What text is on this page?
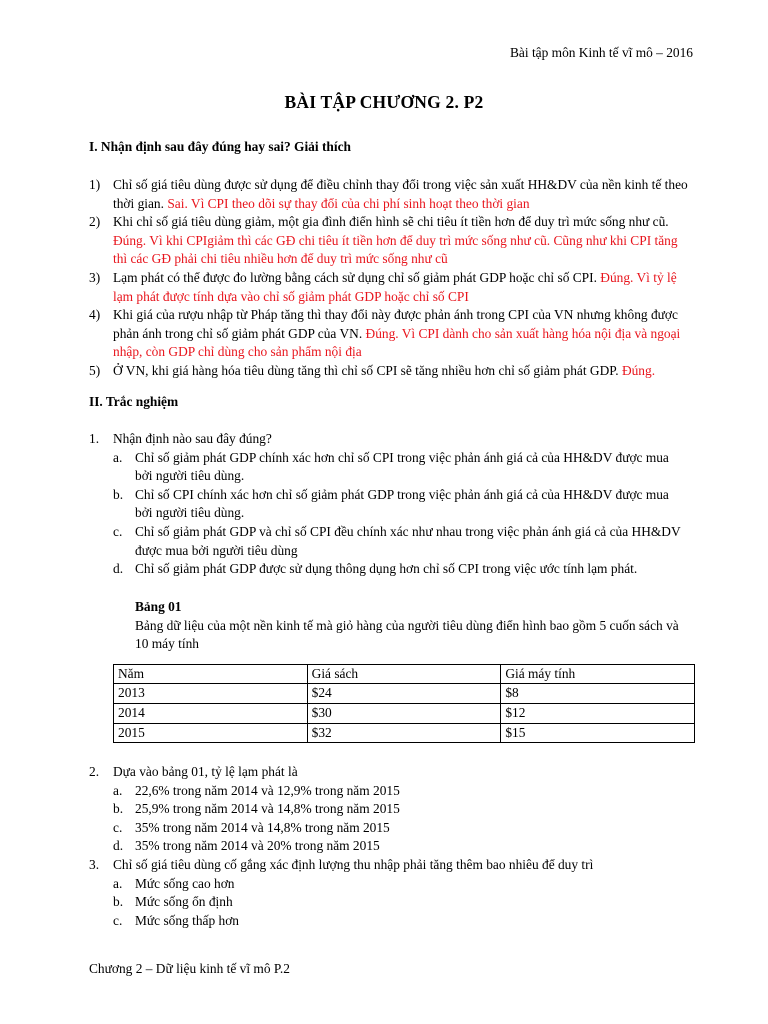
Bài tập môn Kinh tế vĩ mô – 2016
BÀI TẬP CHƯƠNG 2. P2
I. Nhận định sau đây đúng hay sai? Giải thích
1) Chỉ số giá tiêu dùng được sử dụng để điều chỉnh thay đổi trong việc sản xuất HH&DV của nền kinh tế theo thời gian. Sai. Vì CPI theo dõi sự thay đổi của chi phí sinh hoạt theo thời gian
2) Khi chỉ số giá tiêu dùng giảm, một gia đình điển hình sẽ chi tiêu ít tiền hơn để duy trì mức sống như cũ. Đúng. Vì khi CPIgiảm thì các GĐ chi tiêu ít tiền hơn để duy trì mức sống như cũ. Cũng như khi CPI tăng thì các GĐ phải chi tiêu nhiều hơn để duy trì mức sống như cũ
3) Lạm phát có thể được đo lường bằng cách sử dụng chỉ số giảm phát GDP hoặc chỉ số CPI. Đúng. Vì tỷ lệ lạm phát được tính dựa vào chỉ số giảm phát GDP hoặc chỉ số CPI
4) Khi giá của rượu nhập từ Pháp tăng thì thay đổi này được phản ánh trong CPI của VN nhưng không được phản ánh trong chỉ số giảm phát GDP của VN. Đúng. Vì CPI dành cho sản xuất hàng hóa nội địa và ngoại nhập, còn GDP chỉ dùng cho sản phẩm nội địa
5) Ở VN, khi giá hàng hóa tiêu dùng tăng thì chỉ số CPI sẽ tăng nhiều hơn chỉ số giảm phát GDP. Đúng.
II. Trắc nghiệm
1. Nhận định nào sau đây đúng?
a. Chỉ số giảm phát GDP chính xác hơn chỉ số CPI trong việc phản ánh giá cả của HH&DV được mua bởi người tiêu dùng.
b. Chỉ số CPI chính xác hơn chỉ số giảm phát GDP trong việc phản ánh giá cả của HH&DV được mua bởi người tiêu dùng.
c. Chỉ số giảm phát GDP và chỉ số CPI đều chính xác như nhau trong việc phản ánh giá cả của HH&DV được mua bởi người tiêu dùng
d. Chỉ số giảm phát GDP được sử dụng thông dụng hơn chỉ số CPI trong việc ước tính lạm phát.
Bảng 01
Bảng dữ liệu của một nền kinh tế mà giỏ hàng của người tiêu dùng điển hình bao gồm 5 cuốn sách và 10 máy tính
Năm	Giá sách	Giá máy tính
2013	$24	$8
2014	$30	$12
2015	$32	$15
2. Dựa vào bảng 01, tỷ lệ lạm phát là
a. 22,6% trong năm 2014 và 12,9% trong năm 2015
b. 25,9% trong năm 2014 và 14,8% trong năm 2015
c. 35% trong năm 2014 và 14,8% trong năm 2015
d. 35% trong năm 2014 và 20% trong năm 2015
3. Chỉ số giá tiêu dùng cố gắng xác định lượng thu nhập phải tăng thêm bao nhiêu để duy trì
a. Mức sống cao hơn
b. Mức sống ổn định
c. Mức sống thấp hơn
Chương 2 – Dữ liệu kinh tế vĩ mô P.2
